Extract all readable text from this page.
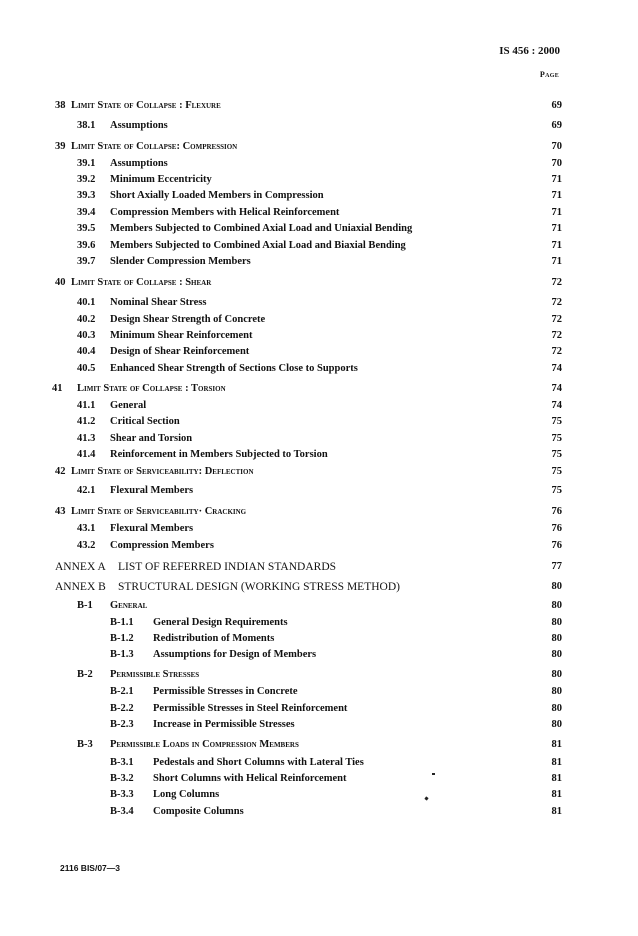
IS 456 : 2000
Page
38 Limit State of Collapse : Flexure	69
38.1 Assumptions	69
39 Limit State of Collapse: Compression	70
39.1 Assumptions	70
39.2 Minimum Eccentricity	71
39.3 Short Axially Loaded Members in Compression	71
39.4 Compression Members with Helical Reinforcement	71
39.5 Members Subjected to Combined Axial Load and Uniaxial Bending	71
39.6 Members Subjected to Combined Axial Load and Biaxial Bending	71
39.7 Slender Compression Members	71
40 Limit State of Collapse : Shear	72
40.1 Nominal Shear Stress	72
40.2 Design Shear Strength of Concrete	72
40.3 Minimum Shear Reinforcement	72
40.4 Design of Shear Reinforcement	72
40.5 Enhanced Shear Strength of Sections Close to Supports	74
41 Limit State of Collapse : Torsion	74
41.1 General	74
41.2 Critical Section	75
41.3 Shear and Torsion	75
41.4 Reinforcement in Members Subjected to Torsion	75
42 Limit State of Serviceability: Deflection	75
42.1 Flexural Members	75
43 Limit State of Serviceability· Cracking	76
43.1 Flexural Members	76
43.2 Compression Members	76
ANNEX A LIST OF REFERRED INDIAN STANDARDS	77
ANNEX B STRUCTURAL DESIGN (WORKING STRESS METHOD)	80
B-1 General	80
B-1.1 General Design Requirements	80
B-1.2 Redistribution of Moments	80
B-1.3 Assumptions for Design of Members	80
B-2 Permissible Stresses	80
B-2.1 Permissible Stresses in Concrete	80
B-2.2 Permissible Stresses in Steel Reinforcement	80
B-2.3 Increase in Permissible Stresses	80
B-3 Permissible Loads in Compression Members	81
B-3.1 Pedestals and Short Columns with Lateral Ties	81
B-3.2 Short Columns with Helical Reinforcement	81
B-3.3 Long Columns	81
B-3.4 Composite Columns	81
2116 BIS/07—3
